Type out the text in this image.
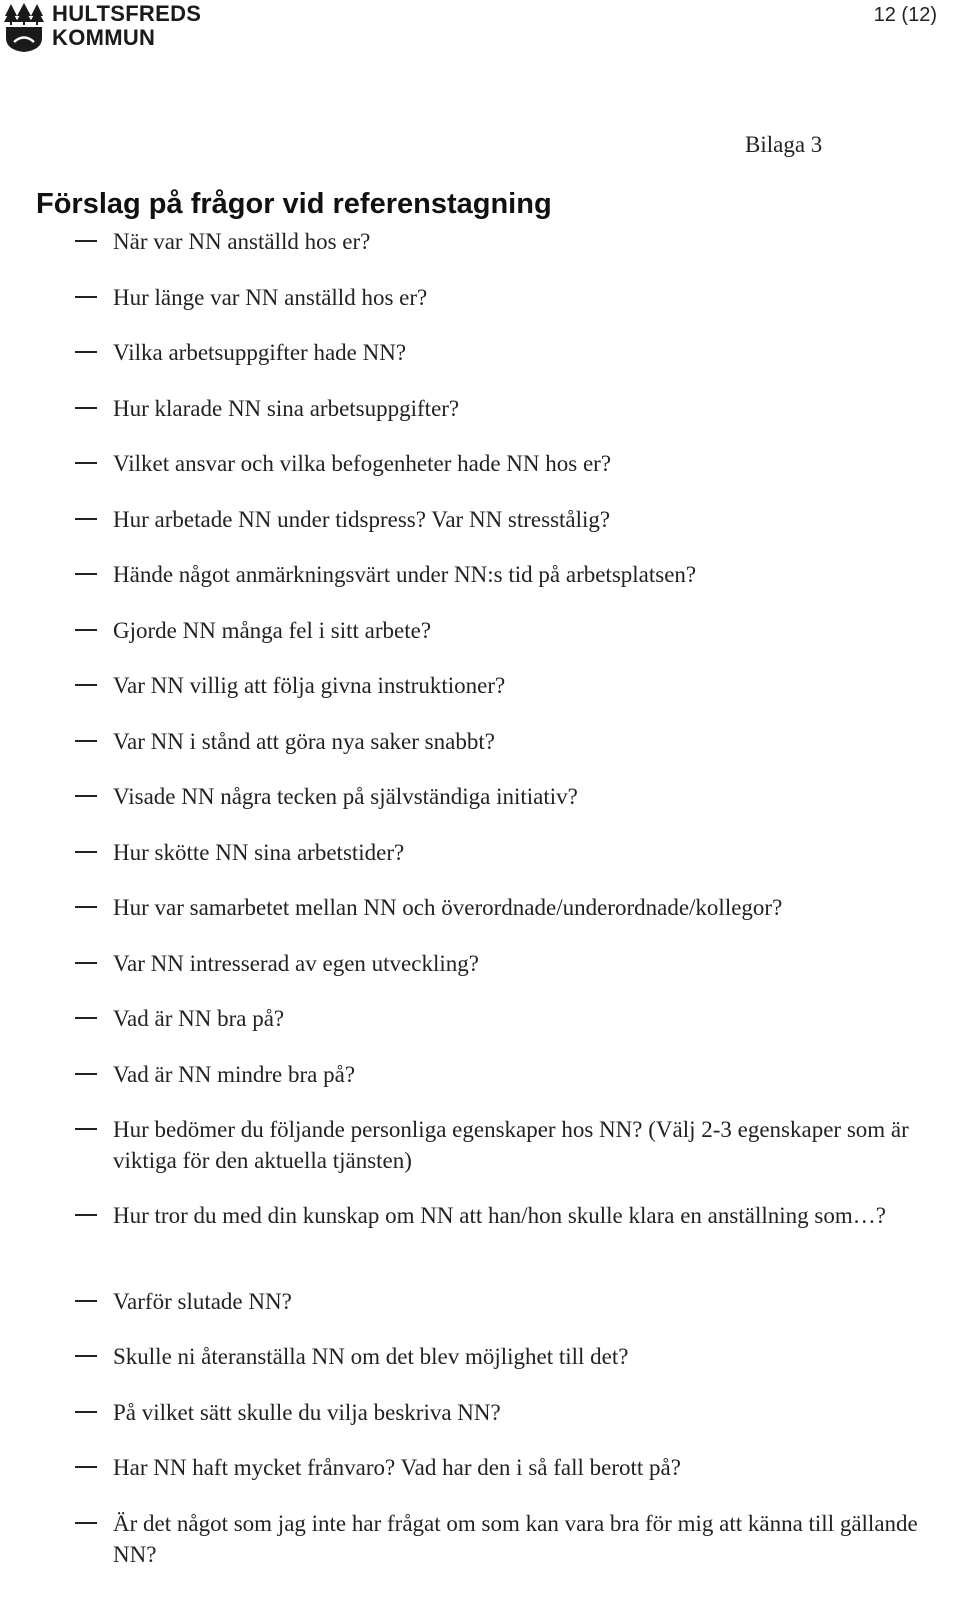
HULTSFREDS
KOMMUN
12 (12)
Bilaga 3
Förslag på frågor vid referenstagning
När var NN anställd hos er?
Hur länge var NN anställd hos er?
Vilka arbetsuppgifter hade NN?
Hur klarade NN sina arbetsuppgifter?
Vilket ansvar och vilka befogenheter hade NN hos er?
Hur arbetade NN under tidspress? Var NN stresstålig?
Hände något anmärkningsvärt under NN:s tid på arbetsplatsen?
Gjorde NN många fel i sitt arbete?
Var NN villig att följa givna instruktioner?
Var NN i stånd att göra nya saker snabbt?
Visade NN några tecken på självständiga initiativ?
Hur skötte NN sina arbetstider?
Hur var samarbetet mellan NN och överordnade/underordnade/kollegor?
Var NN intresserad av egen utveckling?
Vad är NN bra på?
Vad är NN mindre bra på?
Hur bedömer du följande personliga egenskaper hos NN? (Välj 2-3 egenskaper som är viktiga för den aktuella tjänsten)
Hur tror du med din kunskap om NN att han/hon skulle klara en anställning som…?
Varför slutade NN?
Skulle ni återanställa NN om det blev möjlighet till det?
På vilket sätt skulle du vilja beskriva NN?
Har NN haft mycket frånvaro? Vad har den i så fall berott på?
Är det något som jag inte har frågat om som kan vara bra för mig att känna till gällande NN?
